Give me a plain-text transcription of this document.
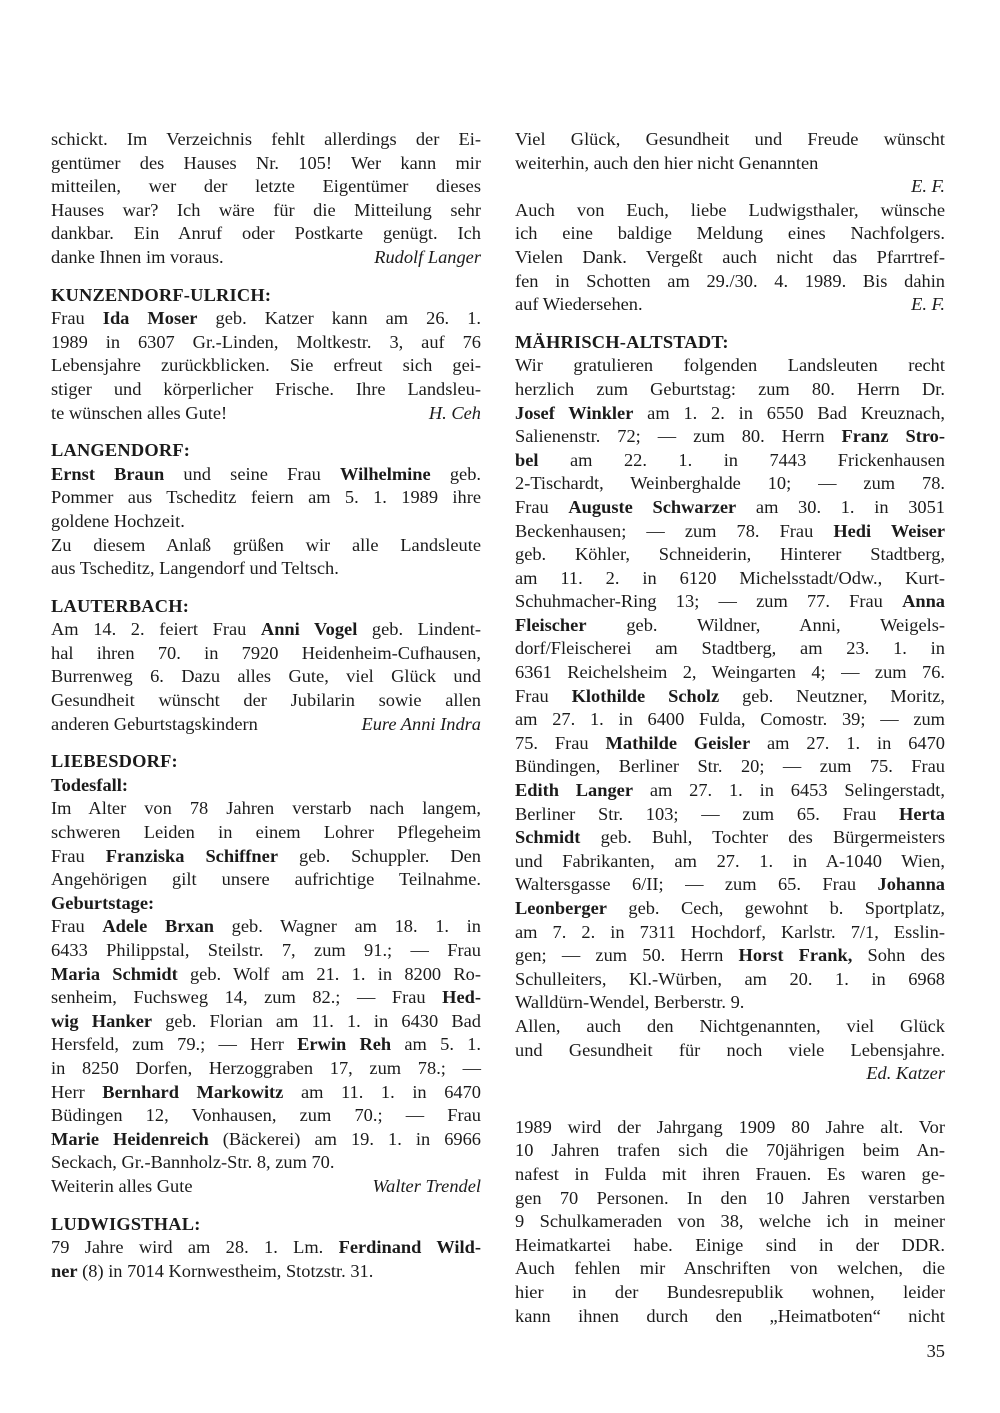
schickt. Im Verzeichnis fehlt allerdings der Ei-
gentümer des Hauses Nr. 105! Wer kann mir
mitteilen, wer der letzte Eigentümer dieses
Hauses war? Ich wäre für die Mitteilung sehr
dankbar. Ein Anruf oder Postkarte genügt. Ich
danke Ihnen im voraus.	Rudolf Langer
KUNZENDORF-ULRICH:
Frau Ida Moser geb. Katzer kann am 26. 1.
1989 in 6307 Gr.-Linden, Moltkestr. 3, auf 76
Lebensjahre zurückblicken. Sie erfreut sich gei-
stiger und körperlicher Frische. Ihre Landsleu-
te wünschen alles Gute!	H. Ceh
LANGENDORF:
Ernst Braun und seine Frau Wilhelmine geb.
Pommer aus Tscheditz feiern am 5. 1. 1989 ihre
goldene Hochzeit.
Zu diesem Anlaß grüßen wir alle Landsleute
aus Tscheditz, Langendorf und Teltsch.
LAUTERBACH:
Am 14. 2. feiert Frau Anni Vogel geb. Lindent-
hal ihren 70. in 7920 Heidenheim-Cufhausen,
Burrenweg 6. Dazu alles Gute, viel Glück und
Gesundheit wünscht der Jubilarin sowie allen
anderen Geburtstagskindern	Eure Anni Indra
LIEBESDORF:
Todesfall:
Im Alter von 78 Jahren verstarb nach langem,
schweren Leiden in einem Lohrer Pflegeheim
Frau Franziska Schiffner geb. Schuppler. Den
Angehörigen gilt unsere aufrichtige Teilnahme.
Geburtstage:
Frau Adele Brxan geb. Wagner am 18. 1. in
6433 Philippstal, Steilstr. 7, zum 91.; — Frau
Maria Schmidt geb. Wolf am 21. 1. in 8200 Ro-
senheim, Fuchsweg 14, zum 82.; — Frau Hed-
wig Hanker geb. Florian am 11. 1. in 6430 Bad
Hersfeld, zum 79.; — Herr Erwin Reh am 5. 1.
in 8250 Dorfen, Herzoggraben 17, zum 78.; —
Herr Bernhard Markowitz am 11. 1. in 6470
Büdingen 12, Vonhausen, zum 70.; — Frau
Marie Heidenreich (Bäckerei) am 19. 1. in 6966
Seckach, Gr.-Bannholz-Str. 8, zum 70.
Weiterin alles Gute	Walter Trendel
LUDWIGSTHAL:
79 Jahre wird am 28. 1. Lm. Ferdinand Wild-
ner (8) in 7014 Kornwestheim, Stotzstr. 31.
Viel Glück, Gesundheit und Freude wünscht
weiterhin, auch den hier nicht Genannten
E. F.
Auch von Euch, liebe Ludwigsthaler, wünsche
ich eine baldige Meldung eines Nachfolgers.
Vielen Dank. Vergeßt auch nicht das Pfarrtref-
fen in Schotten am 29./30. 4. 1989. Bis dahin
auf Wiedersehen.	E. F.
MÄHRISCH-ALTSTADT:
Wir gratulieren folgenden Landsleuten recht
herzlich zum Geburtstag: zum 80. Herrn Dr.
Josef Winkler am 1. 2. in 6550 Bad Kreuznach,
Salienenstr. 72; — zum 80. Herrn Franz Stro-
bel am 22. 1. in 7443 Frickenhausen
2-Tischardt, Weinberghalde 10; — zum 78.
Frau Auguste Schwarzer am 30. 1. in 3051
Beckenhausen; — zum 78. Frau Hedi Weiser
geb. Köhler, Schneiderin, Hinterer Stadtberg,
am 11. 2. in 6120 Michelsstadt/Odw., Kurt-
Schuhmacher-Ring 13; — zum 77. Frau Anna
Fleischer geb. Wildner, Anni, Weigels-
dorf/Fleischerei am Stadtberg, am 23. 1. in
6361 Reichelsheim 2, Weingarten 4; — zum 76.
Frau Klothilde Scholz geb. Neutzner, Moritz,
am 27. 1. in 6400 Fulda, Comostr. 39; — zum
75. Frau Mathilde Geisler am 27. 1. in 6470
Bündingen, Berliner Str. 20; — zum 75. Frau
Edith Langer am 27. 1. in 6453 Selingerstadt,
Berliner Str. 103; — zum 65. Frau Herta
Schmidt geb. Buhl, Tochter des Bürgermeisters
und Fabrikanten, am 27. 1. in A-1040 Wien,
Waltersgasse 6/II; — zum 65. Frau Johanna
Leonberger geb. Cech, gewohnt b. Sportplatz,
am 7. 2. in 7311 Hochdorf, Karlstr. 7/1, Esslin-
gen; — zum 50. Herrn Horst Frank, Sohn des
Schulleiters, Kl.-Würben, am 20. 1. in 6968
Walldürn-Wendel, Berberstr. 9.
Allen, auch den Nichtgenannten, viel Glück
und Gesundheit für noch viele Lebensjahre.
Ed. Katzer
1989 wird der Jahrgang 1909 80 Jahre alt. Vor
10 Jahren trafen sich die 70jährigen beim An-
nafest in Fulda mit ihren Frauen. Es waren ge-
gen 70 Personen. In den 10 Jahren verstarben
9 Schulkameraden von 38, welche ich in meiner
Heimatkartei habe. Einige sind in der DDR.
Auch fehlen mir Anschriften von welchen, die
hier in der Bundesrepublik wohnen, leider
kann ihnen durch den „Heimatboten“ nicht
35
